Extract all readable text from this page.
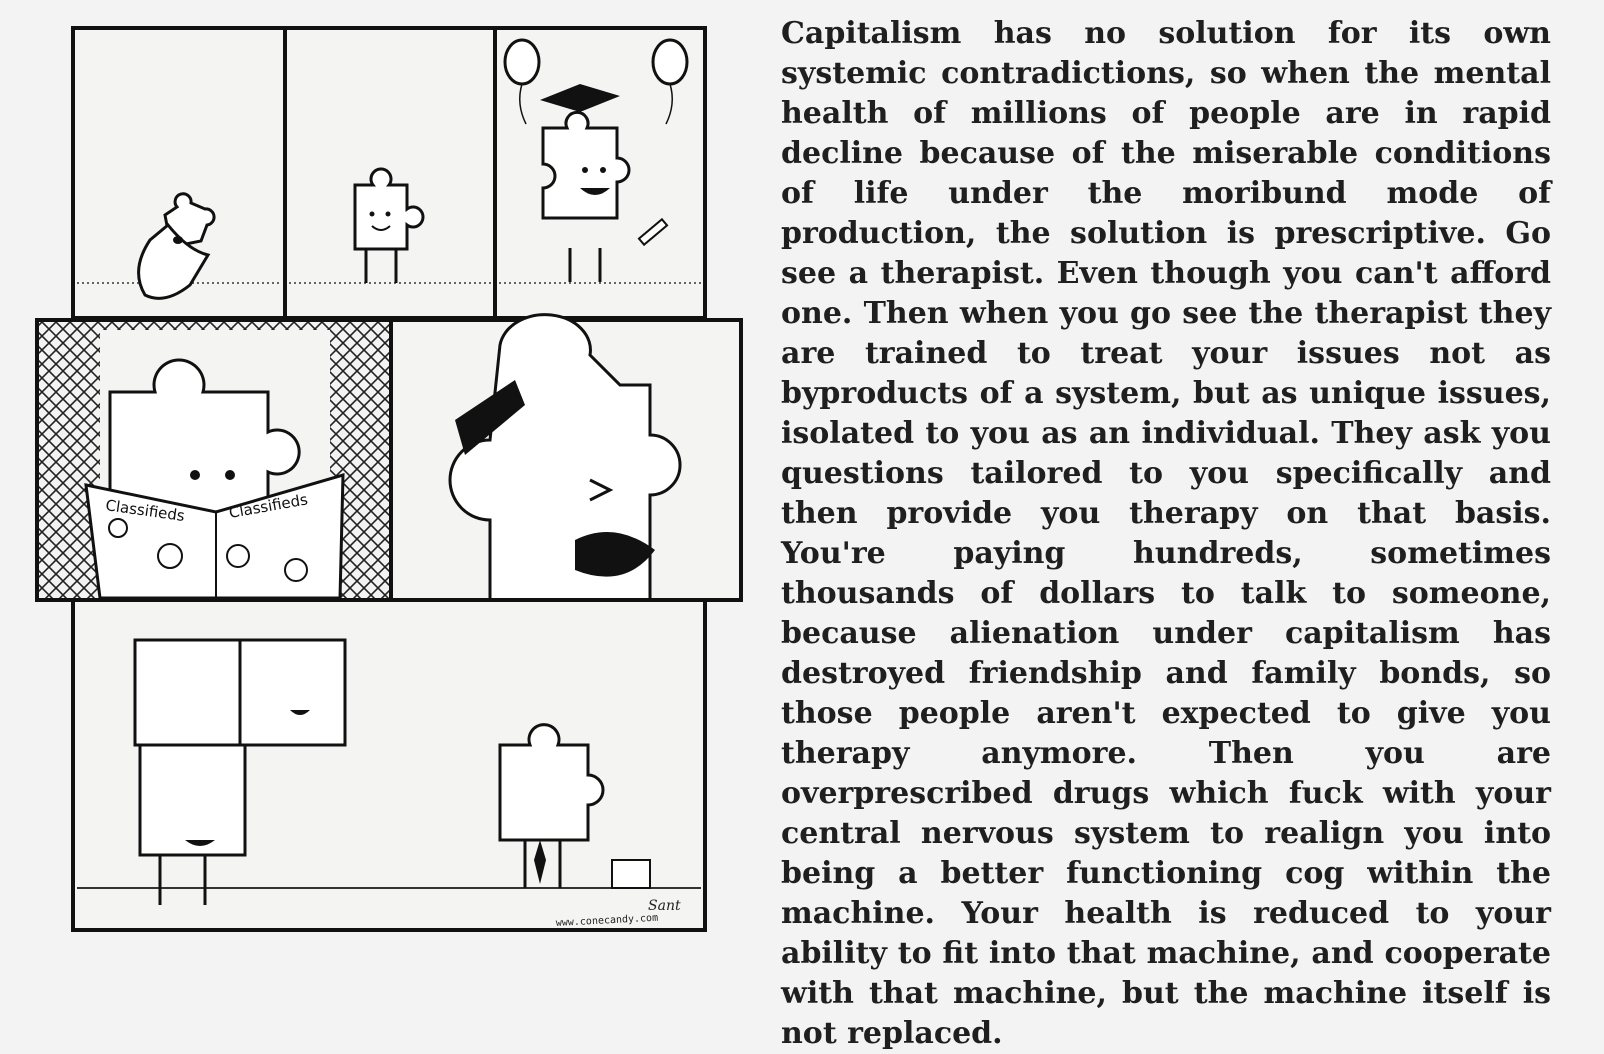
Classifieds	Classifieds
www.conecandy.com
Sant

Capitalism has no solution for its own systemic contradictions, so when the mental health of millions of people are in rapid decline because of the miserable conditions of life under the moribund mode of production, the solution is prescriptive. Go see a therapist. Even though you can't afford one. Then when you go see the therapist they are trained to treat your issues not as byproducts of a system, but as unique issues, isolated to you as an individual. They ask you questions tailored to you specifically and then provide you therapy on that basis. You're paying hundreds, sometimes thousands of dollars to talk to someone, because alienation under capitalism has destroyed friendship and family bonds, so those people aren't expected to give you therapy anymore. Then you are overprescribed drugs which fuck with your central nervous system to realign you into being a better functioning cog within the machine. Your health is reduced to your ability to fit into that machine, and cooperate with that machine, but the machine itself is not replaced.
